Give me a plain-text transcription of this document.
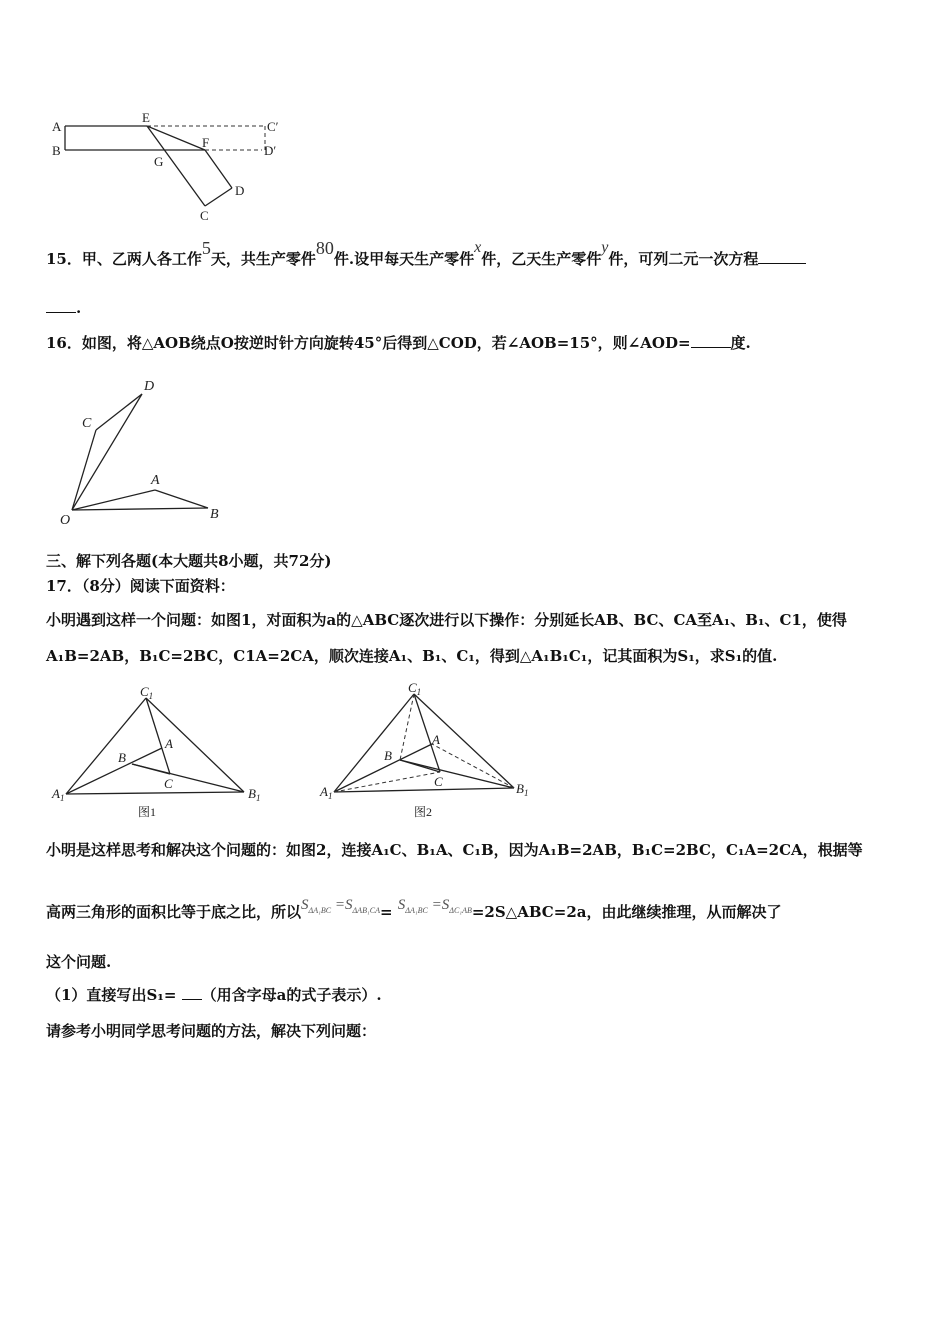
A
B
E
F
G
C
D
C′
D′
15．甲、乙两人各工作5天，共生产零件80件.设甲每天生产零件x件，乙天生产零件y件，可列二元一次方程
.
16．如图，将△AOB绕点O按逆时针方向旋转45°后得到△COD，若∠AOB=15°，则∠AOD=	度.
D
C
A
O	B
三、解下列各题(本大题共8小题，共72分)
17．（8分）阅读下面资料：
小明遇到这样一个问题：如图1，对面积为a的△ABC逐次进行以下操作：分别延长AB、BC、CA至A₁、B₁、C1，使得
A₁B=2AB，B₁C=2BC，C1A=2CA，顺次连接A₁、B₁、C₁，得到△A₁B₁C₁，记其面积为S₁，求S₁的值.
$C_1$
A
B
C
$A_1$	$B_1$
图1
$C_1$
A
B
C
$A_1$	$B_1$
图2
小明是这样思考和解决这个问题的：如图2，连接A₁C、B₁A、C₁B，因为A₁B=2AB，B₁C=2BC，C₁A=2CA，根据等
高两三角形的面积比等于底之比，所以$S_{\Delta A_1BC} =S_{\Delta AB_1CA}= S_{\Delta A_1BC}$ $=S_{\Delta C_1AB}=2S\triangle ABC=2a$，由此继续推理，从而解决了
这个问题.
（1）直接写出S₁= （用含字母a的式子表示）.
请参考小明同学思考问题的方法，解决下列问题：
